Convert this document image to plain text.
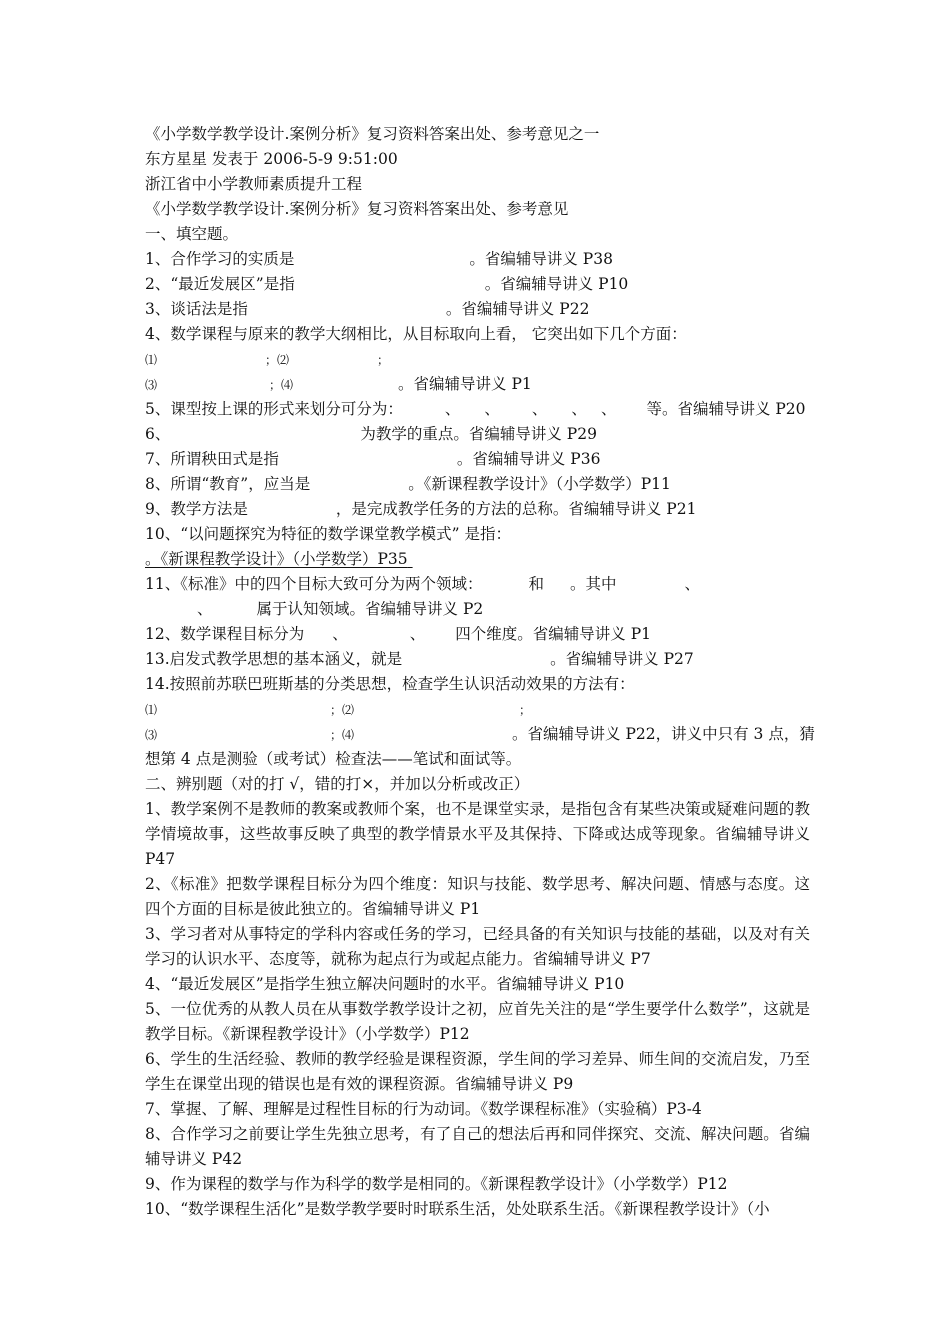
《小学数学教学设计.案例分析》复习资料答案出处、参考意见之一

东方星星 发表于 2006-5-9 9:51:00

浙江省中小学教师素质提升工程

《小学数学教学设计.案例分析》复习资料答案出处、参考意见

一、填空题。

1、合作学习的实质是	。省编辅导讲义 P38

2、“最近发展区”是指	。省编辅导讲义 P10

3、谈话法是指	。省编辅导讲义 P22

4、数学课程与原来的教学大纲相比，从目标取向上看， 它突出如下几个方面：

⑴	；⑵	；

⑶	；⑷	。省编辅导讲义 P1

5、课型按上课的形式来划分可分为：	、 、 、 、 、 等。省编辅导讲义 P20

6、	为教学的重点。省编辅导讲义 P29

7、所谓秧田式是指	。省编辅导讲义 P36

8、所谓“教育”，应当是	。《新课程教学设计》（小学数学）P11

9、教学方法是	，是完成教学任务的方法的总称。省编辅导讲义 P21

10、“以问题探究为特征的数学课堂教学模式” 是指：

。《新课程教学设计》（小学数学）P35

11、《标准》中的四个目标大致可分为两个领域：	和 。其中	、

、	属于认知领域。省编辅导讲义 P2

12、数学课程目标分为 、	、 四个维度。省编辅导讲义 P1

13.启发式教学思想的基本涵义，就是	。省编辅导讲义 P27

14.按照前苏联巴班斯基的分类思想，检查学生认识活动效果的方法有：

⑴	；⑵	；

⑶	；⑷	。省编辅导讲义 P22，讲义中只有 3 点，猜

想第 4 点是测验（或考试）检查法——笔试和面试等。

二、辨别题（对的打 √，错的打×，并加以分析或改正）

1、教学案例不是教师的教案或教师个案，也不是课堂实录，是指包含有某些决策或疑难问题的教学情境故事，这些故事反映了典型的教学情景水平及其保持、下降或达成等现象。省编辅导讲义 P47

2、《标准》把数学课程目标分为四个维度：知识与技能、数学思考、解决问题、情感与态度。这四个方面的目标是彼此独立的。省编辅导讲义 P1

3、学习者对从事特定的学科内容或任务的学习，已经具备的有关知识与技能的基础，以及对有关学习的认识水平、态度等，就称为起点行为或起点能力。省编辅导讲义 P7

4、“最近发展区”是指学生独立解决问题时的水平。省编辅导讲义 P10

5、一位优秀的从教人员在从事数学教学设计之初，应首先关注的是“学生要学什么数学”，这就是教学目标。《新课程教学设计》（小学数学）P12

6、学生的生活经验、教师的教学经验是课程资源，学生间的学习差异、师生间的交流启发，乃至学生在课堂出现的错误也是有效的课程资源。省编辅导讲义 P9

7、掌握、了解、理解是过程性目标的行为动词。《数学课程标准》（实验稿）P3-4

8、合作学习之前要让学生先独立思考，有了自己的想法后再和同伴探究、交流、解决问题。省编辅导讲义 P42

9、作为课程的数学与作为科学的数学是相同的。《新课程教学设计》（小学数学）P12

10、“数学课程生活化”是数学教学要时时联系生活，处处联系生活。《新课程教学设计》（小
